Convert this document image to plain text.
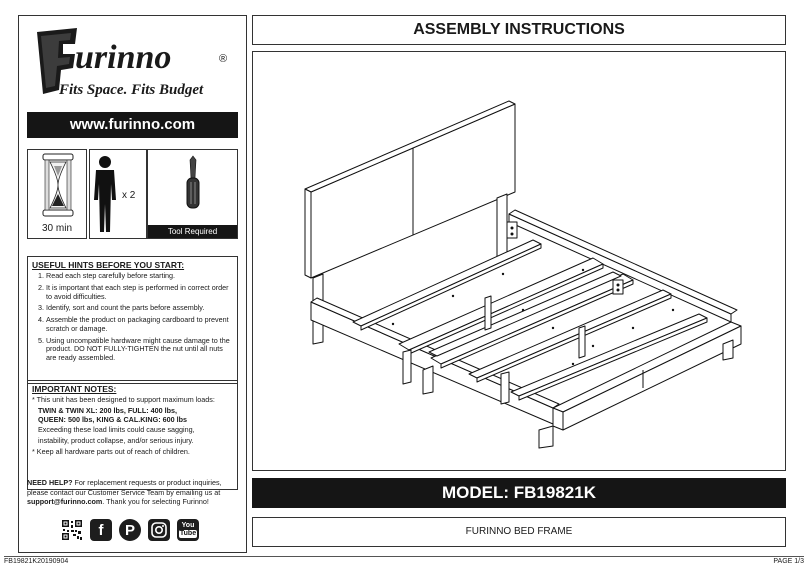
urinno	®
Fits Space. Fits Budget
www.furinno.com
30 min
x 2
Tool Required
USEFUL HINTS BEFORE YOU START:
1. Read each step carefully before starting.
2. It is important that each step is performed in correct order to avoid difficulties.
3. Identify, sort and count the parts before assembly.
4. Assemble the product on packaging cardboard to prevent scratch or damage.
5. Using uncompatible hardware might cause damage to the product. DO NOT FULLY-TIGHTEN the nut until all nuts are ready assembled.
IMPORTANT NOTES:
* This unit has been designed to support maximum loads:
TWIN & TWIN XL: 200 lbs, FULL: 400 lbs,
QUEEN: 500 lbs, KING & CAL.KING: 600 lbs
Exceeding these load limits could cause sagging,
instability, product collapse, and/or serious injury.
* Keep all hardware parts out of reach of children.
NEED HELP? For replacement requests or product inquiries, please contact our Customer Service Team by emailing us at support@furinno.com. Thank you for selecting Furinno!
f	P	You
Tube
ASSEMBLY INSTRUCTIONS
MODEL: FB19821K
FURINNO BED FRAME
FB19821K20190904	PAGE 1/3
